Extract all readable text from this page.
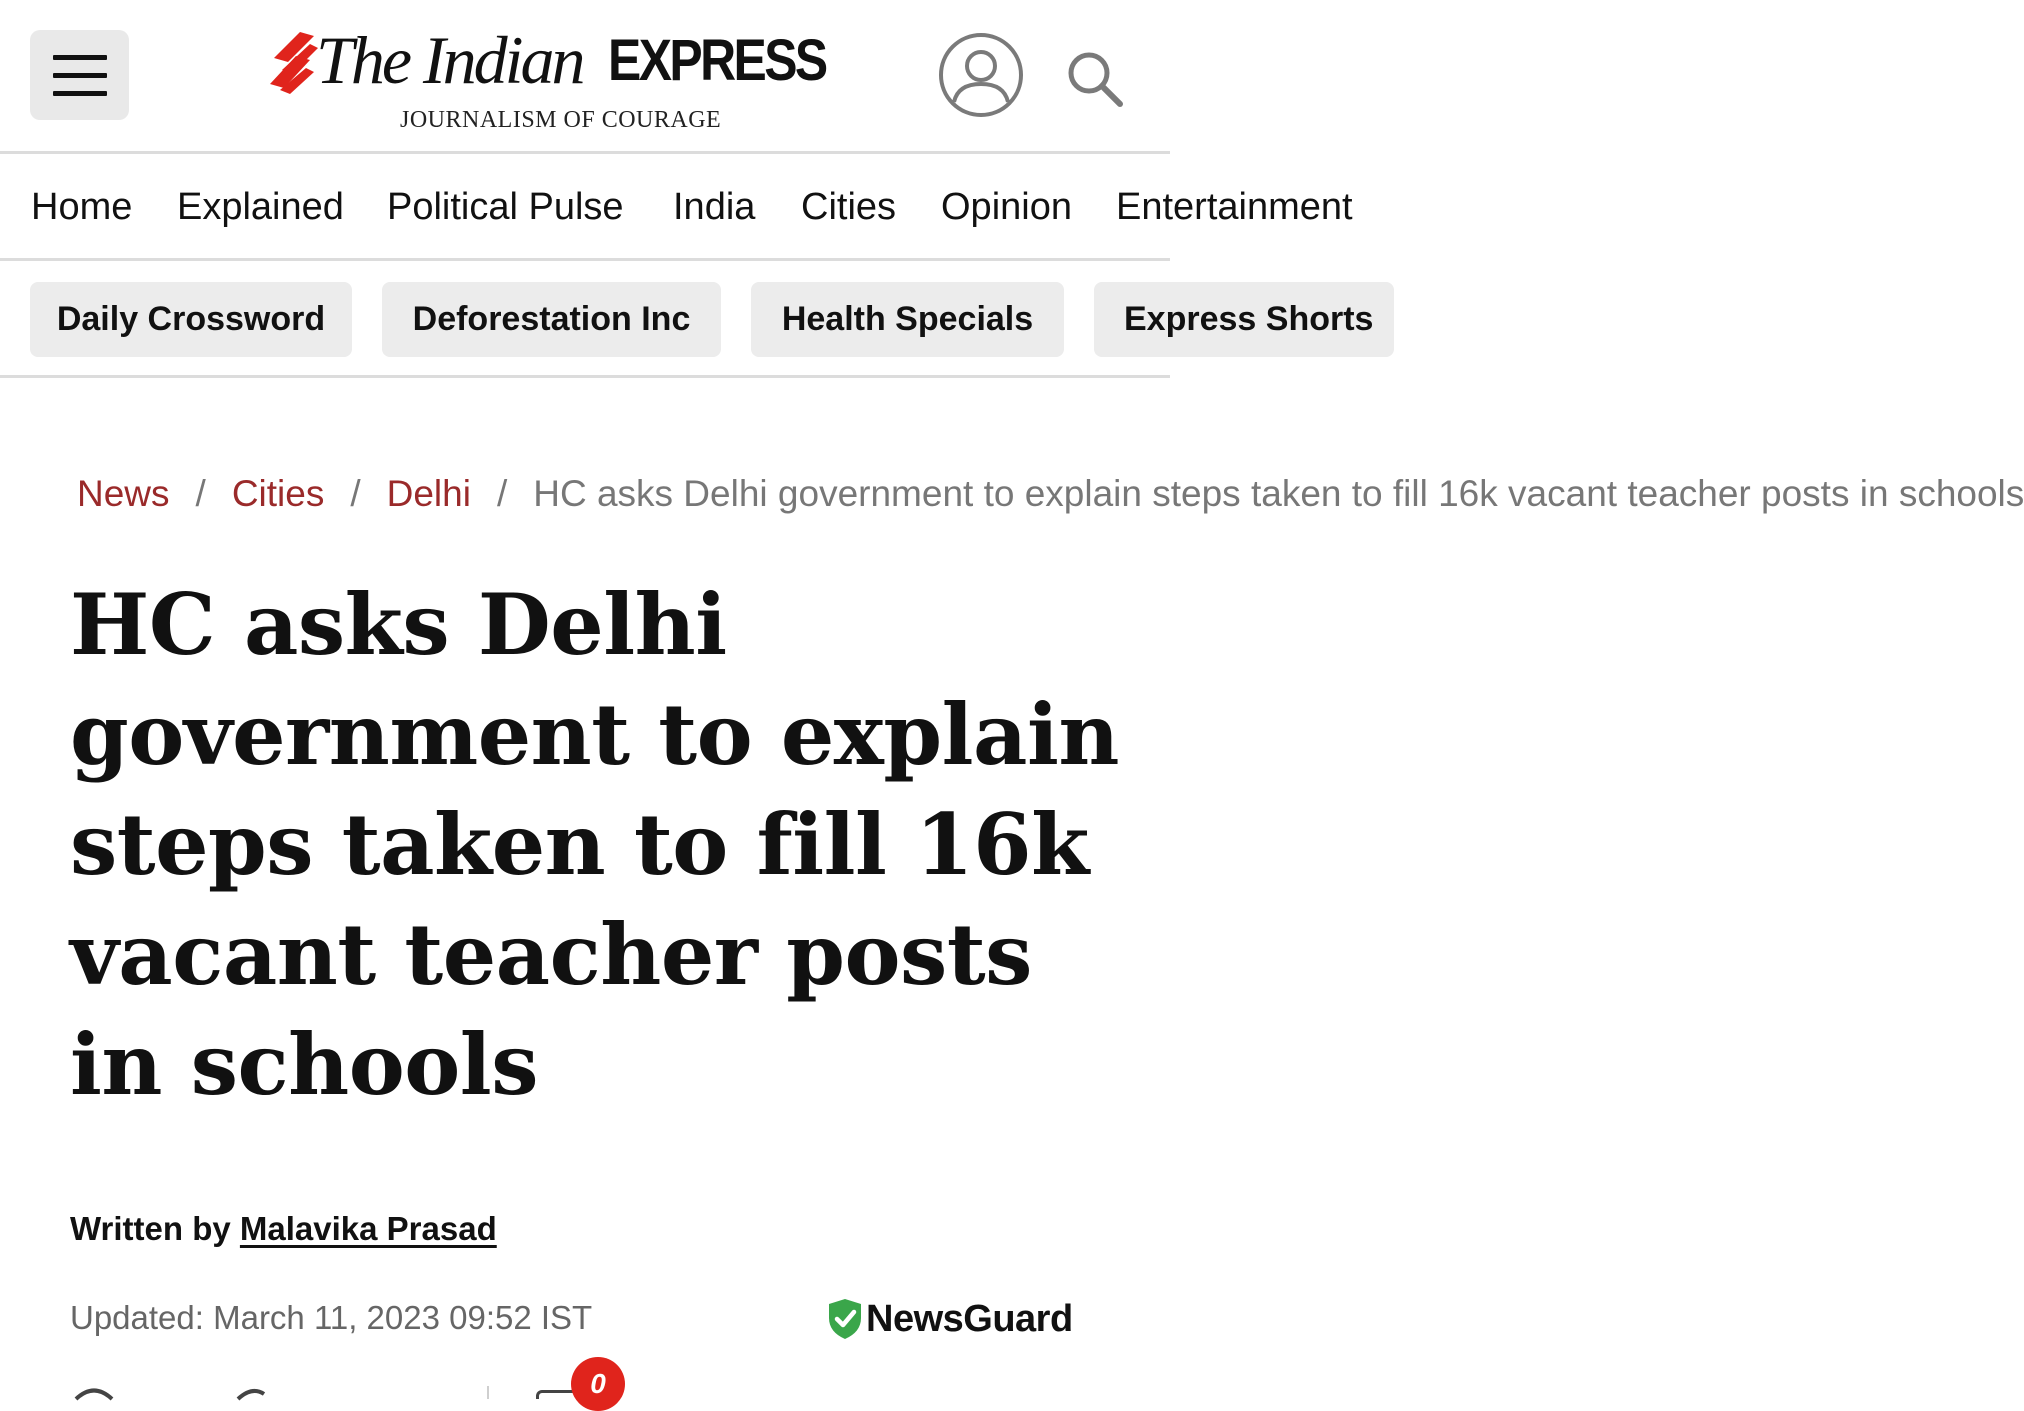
The Indian EXPRESS
JOURNALISM OF COURAGE
Home Explained Political Pulse India Cities Opinion Entertainment
Daily Crossword	Deforestation Inc	Health Specials	Express Shorts
News / Cities / Delhi / HC asks Delhi government to explain steps taken to fill 16k vacant teacher posts in schools
HC asks Delhi government to explain steps taken to fill 16k vacant teacher posts in schools
Written by Malavika Prasad
Updated: March 11, 2023 09:52 IST	NewsGuard
0
